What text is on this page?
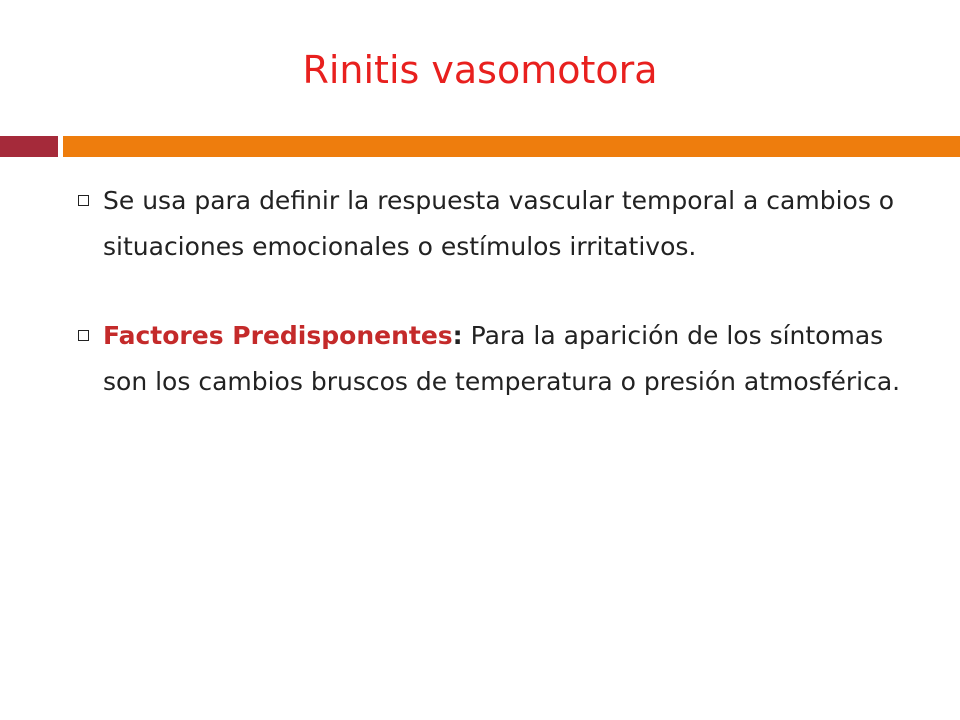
Rinitis vasomotora
Se usa para definir la respuesta vascular temporal a cambios o situaciones emocionales o estímulos irritativos.
Factores Predisponentes: Para la aparición de los síntomas son los cambios bruscos de temperatura o presión atmosférica.
